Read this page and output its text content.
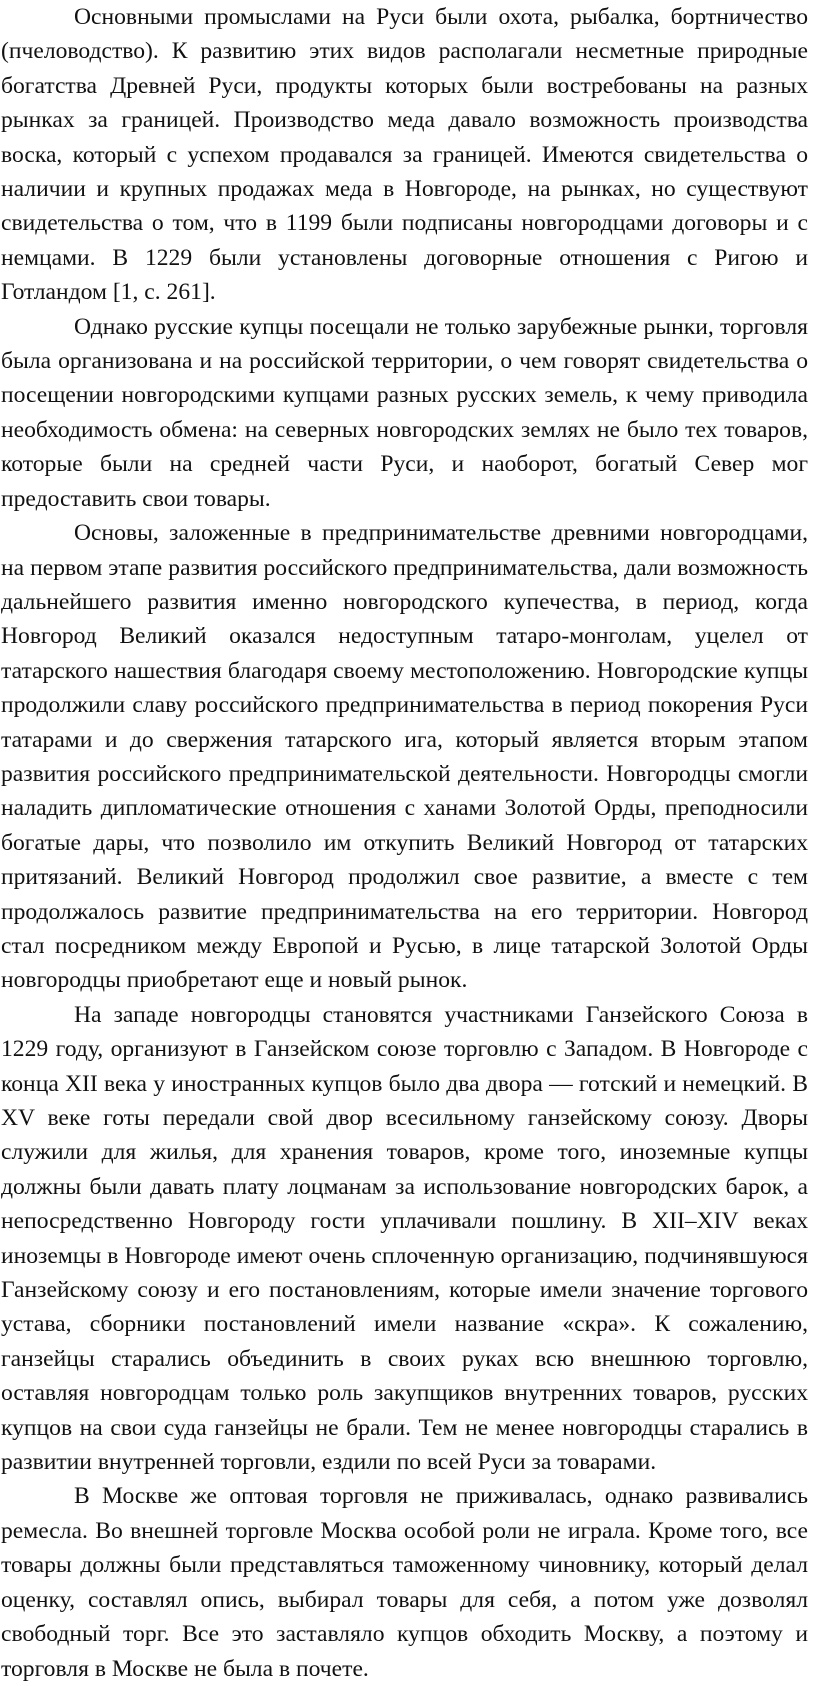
Основными промыслами на Руси были охота, рыбалка, бортничество (пчеловодство). К развитию этих видов располагали несметные природные богатства Древней Руси, продукты которых были востребованы на разных рынках за границей. Производство меда давало возможность производства воска, который с успехом продавался за границей. Имеются свидетельства о наличии и крупных продажах меда в Новгороде, на рынках, но существуют свидетельства о том, что в 1199 были подписаны новгородцами договоры и с немцами. В 1229 были установлены договорные отношения с Ригою и Готландом [1, с. 261].

Однако русские купцы посещали не только зарубежные рынки, торговля была организована и на российской территории, о чем говорят свидетельства о посещении новгородскими купцами разных русских земель, к чему приводила необходимость обмена: на северных новгородских землях не было тех товаров, которые были на средней части Руси, и наоборот, богатый Север мог предоставить свои товары.

Основы, заложенные в предпринимательстве древними новгородцами, на первом этапе развития российского предпринимательства, дали возможность дальнейшего развития именно новгородского купечества, в период, когда Новгород Великий оказался недоступным татаро-монголам, уцелел от татарского нашествия благодаря своему местоположению. Новгородские купцы продолжили славу российского предпринимательства в период покорения Руси татарами и до свержения татарского ига, который является вторым этапом развития российского предпринимательской деятельности. Новгородцы смогли наладить дипломатические отношения с ханами Золотой Орды, преподносили богатые дары, что позволило им откупить Великий Новгород от татарских притязаний. Великий Новгород продолжил свое развитие, а вместе с тем продолжалось развитие предпринимательства на его территории. Новгород стал посредником между Европой и Русью, в лице татарской Золотой Орды новгородцы приобретают еще и новый рынок.

На западе новгородцы становятся участниками Ганзейского Союза в 1229 году, организуют в Ганзейском союзе торговлю с Западом. В Новгороде с конца XII века у иностранных купцов было два двора — готский и немецкий. В XV веке готы передали свой двор всесильному ганзейскому союзу. Дворы служили для жилья, для хранения товаров, кроме того, иноземные купцы должны были давать плату лоцманам за использование новгородских барок, а непосредственно Новгороду гости уплачивали пошлину. В XII–XIV веках иноземцы в Новгороде имеют очень сплоченную организацию, подчинявшуюся Ганзейскому союзу и его постановлениям, которые имели значение торгового устава, сборники постановлений имели название «скра». К сожалению, ганзейцы старались объединить в своих руках всю внешнюю торговлю, оставляя новгородцам только роль закупщиков внутренних товаров, русских купцов на свои суда ганзейцы не брали. Тем не менее новгородцы старались в развитии внутренней торговли, ездили по всей Руси за товарами.

В Москве же оптовая торговля не приживалась, однако развивались ремесла. Во внешней торговле Москва особой роли не играла. Кроме того, все товары должны были представляться таможенному чиновнику, который делал оценку, составлял опись, выбирал товары для себя, а потом уже дозволял свободный торг. Все это заставляло купцов обходить Москву, а поэтому и торговля в Москве не была в почете.
